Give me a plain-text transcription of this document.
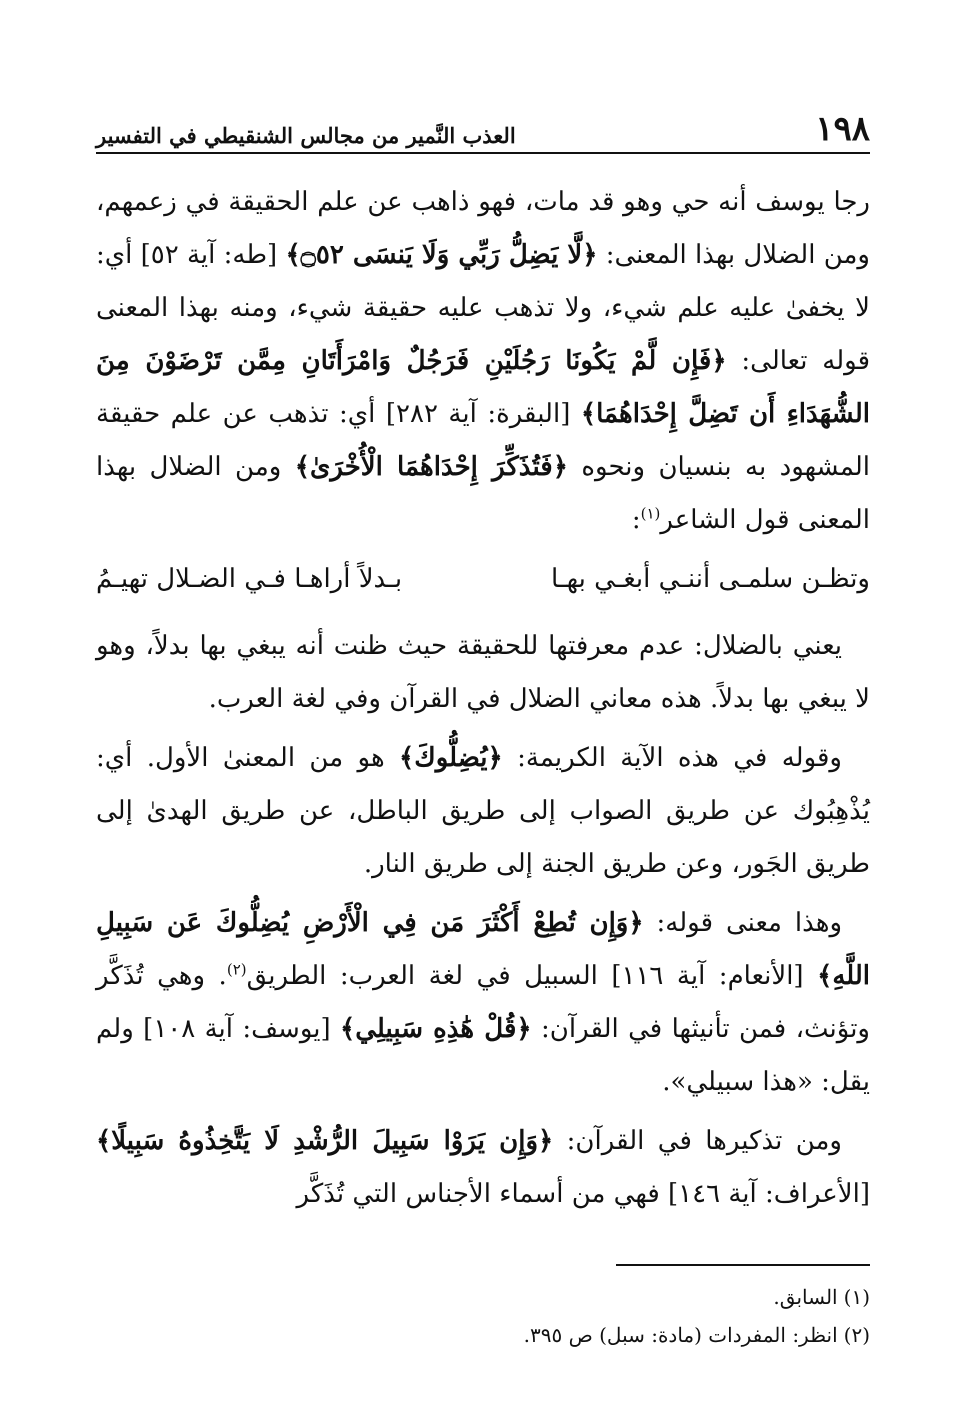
١٩٨
العذب النَّمير من مجالس الشنقيطي في التفسير

رجا يوسف أنه حي وهو قد مات، فهو ذاهب عن علم الحقيقة في زعمهم، ومن الضلال بهذا المعنى: ﴿لَّا يَضِلُّ رَبِّي وَلَا يَنسَى ۝٥٢﴾ [طه: آية ٥٢] أي: لا يخفىٰ عليه علم شيء، ولا تذهب عليه حقيقة شيء، ومنه بهذا المعنى قوله تعالى: ﴿فَإِن لَّمْ يَكُونَا رَجُلَيْنِ فَرَجُلٌ وَامْرَأَتَانِ مِمَّن تَرْضَوْنَ مِنَ الشُّهَدَاءِ أَن تَضِلَّ إِحْدَاهُمَا﴾ [البقرة: آية ٢٨٢] أي: تذهب عن علم حقيقة المشهود به بنسيان ونحوه ﴿فَتُذَكِّرَ إِحْدَاهُمَا الْأُخْرَىٰ﴾ ومن الضلال بهذا المعنى قول الشاعر$^{(١)}$:

وتظـن سلمـى أننـي أبغـي بهـا
بـدلاً أراهـا فـي الضـلال تهيـمُ

يعني بالضلال: عدم معرفتها للحقيقة حيث ظنت أنه يبغي بها بدلاً، وهو لا يبغي بها بدلاً. هذه معاني الضلال في القرآن وفي لغة العرب.

وقوله في هذه الآية الكريمة: ﴿يُضِلُّوكَ﴾ هو من المعنىٰ الأول. أي: يُذْهِبُوك عن طريق الصواب إلى طريق الباطل، عن طريق الهدىٰ إلى طريق الجَور، وعن طريق الجنة إلى طريق النار.

وهذا معنى قوله: ﴿وَإِن تُطِعْ أَكْثَرَ مَن فِي الْأَرْضِ يُضِلُّوكَ عَن سَبِيلِ اللَّهِ﴾ [الأنعام: آية ١١٦] السبيل في لغة العرب: الطريق$^{(٢)}$. وهي تُذَكَّر وتؤنث، فمن تأنيثها في القرآن: ﴿قُلْ هَٰذِهِ سَبِيلِي﴾ [يوسف: آية ١٠٨] ولم يقل: «هذا سبيلي».

ومن تذكيرها في القرآن: ﴿وَإِن يَرَوْا سَبِيلَ الرُّشْدِ لَا يَتَّخِذُوهُ سَبِيلًا﴾ [الأعراف: آية ١٤٦] فهي من أسماء الأجناس التي تُذَكَّر

(١)السابق.

(٢)انظر: المفردات (مادة: سبل) ص ٣٩٥.
